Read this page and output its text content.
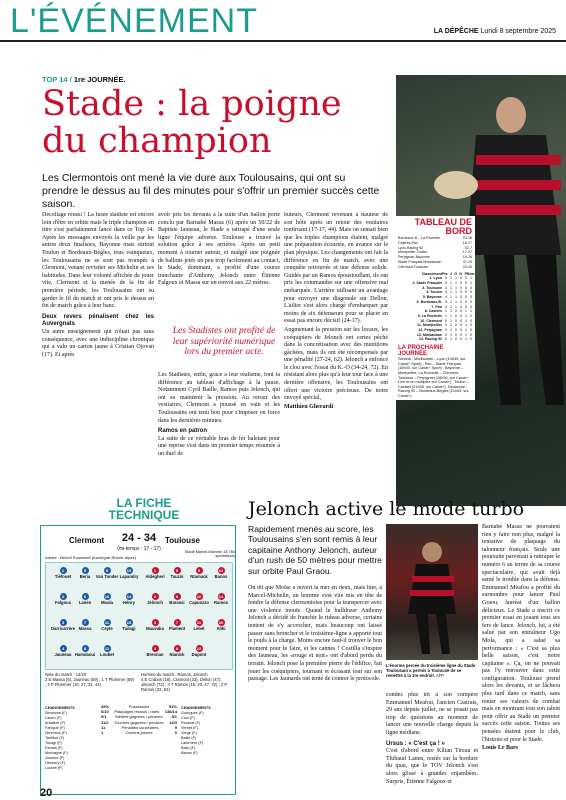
L'ÉVÉNEMENT	LA DÉPÊCHE Lundi 8 septembre 2025
TOP 14 / 1re JOURNÉE.
Stade : la poigne du champion
Les Clermontois ont mené la vie dure aux Toulousains, qui ont su prendre le dessus au fil des minutes pour s'offrir un premier succès cette saison.

Décollage réussi ! La fusée stadiste est encore loin d'être en orbite mais le triple champion en titre s'est parfaitement lancé dans ce Top 14. Après les messages envoyés la veille par les autres deux finalistes, Bayonne mais surtout Toulon et Bordeaux-Bègles, tous vainqueurs, les Toulousains ne se sont pas trompés à Clermont, venant revisiter ses Michelin et ses habitudes. Dans leur volonté affichée de jouer vite, Clermont et la menée de la fin de première période, les Toulousains ont su garder le fil du match et ont pris le dessus en fin de match grâce à leur banc.

Deux revers pénalisent chez les Auvergnats

Un autre enseignement qui n'était pas sans conséquence, avec une indiscipline chronique qui a valu un carton jaune à Cristian Ojovan (17). Et après

avoir pris les devants à la suite d'un ballon porté conclu par Barnabé Massa (6) après un 50/22 de Baptiste Jauneau, le Stade a rattrapé d'une seule ligne l'équipe adverse. Toulouse a trouvé la solution grâce à ses arrières. Après un petit moment à tourner autour, et malgré une poignée de ballons jetés un peu trop facilement au contact, le Stade, dominant, a profité d'une course tranchante d'Anthony Jelonch entre Étienne Falgoux et Massa sur un renvoi aux 22 mètres.

Les Stadistes ont profité de leur supériorité numérique lors du premier acte.

Les Stadistes, enfin, grâce à leur réalisme, font la différence au tableau d'affichage à la pause. Notamment Cyril Baille, Ramos puis Jelonch, qui ont su maintenir la pression. Au retour des vestiaires, Clermont a poussé en vain et les Toulousains ont tenu bon pour s'imposer en force dans les dernières minutes.

Ramos en patron

La suite de ce véritable bras de fer haletant pour une reprise s'est dans un premier temps résumée à un duel de

buteurs, Clermont revenant à hauteur de son hôte après un retour des vestiaires tonitruant (17-17, 44). Mais on sentait bien que les triples champions étaient, malgré une préparation écourtée, en avance sur le plan physique. Les changements ont fait la différence en fin de match, avec une conquête retrouvée et une défense solide. Guidés par un Ramos époustouflant, ils ont pris les commandes sur une offensive mal embarquée. L'arrière utilisant un avantage pour envoyer une diagonale sur Dellon, L'ailier s'est alors chargé d'embarquer par moins de six défenseurs pour se placer en essai pas encore décisif (24-17).

Augmentant la pression sur les locaux, les coéquipiers de Jelonch ont certes péché dans la concrétisation avec des munitions gâchées, mais ils ont été récompensés par une pénalité (27-24, 62). Jelonch a enfoncé le clou avec l'essai du K.-O (34-24, 72). En résistant alors plus qu'à leur tour face à une dernière offensive, les Toulousains ont offert une victoire précieuse. De notre envoyé spécial,

Matthieu Gherardi

TABLEAU DE BORD
Bordeaux-B. - La Rochelle	23-18
Castres-Pau	15-17
Lyon-Racing 92	32-7
Montpellier-Toulon	17-27
Perpignan-Bayonne	19-26
Stade Français-Montauban	47-24
Clermont-Toulouse	24-34
Classement Pts J G N P Bon.
1. Lyon 5 1 1 0 0 1
2. Stade Français 5 1 1 0 0 1
3. Toulouse 4 1 1 0 0 0
4. Toulon 4 1 1 0 0 0
5. Bayonne 4 1 1 0 0 0
6. Bordeaux-B. 4 1 1 0 0 0
7. Pau 4 1 1 0 0 0
8. Castres 1 1 0 0 1 1
9. La Rochelle 1 1 0 0 1 1
10. Clermont 0 1 0 0 1 0
11. Montpellier 0 1 0 0 1 0
12. Perpignan 0 1 0 0 1 0
13. Montauban 0 1 0 0 1 0
14. Racing 92 0 1 0 0 1 0
LA PROCHAINE JOURNÉE
Samedi : Montauban – Lyon (14h30, sur Canal+ Sport) ; Pau – Stade Français (16h30, sur Canal+ Sport) ; Bayonne – Montpellier, La Rochelle – Clermont, Toulouse – Perpignan (16h30, sur Canal+ Live et en multiplex sur Canal+) ; Toulon – Castres (21h05, sur Canal+). Dimanche : Racing 92 – Bordeaux-Bègles (21h05, sur Canal+).
LA FICHE TECHNIQUE
Clermont 24 - 34
(mi-temps : 17 - 17)
Toulouse
Arbitre : Benoît Rousselet (Auvergne-Rhône-Alpes)
Stade Marcel-Michelin 18 784 spectateurs
1
Tiéfouet
2
Falgoux
3
Darricarrère
4
Jauneau
5
Beria
6
Lanen
7
Massa
8
Hamdaoui
9
Van Tonder
10
Moala
11
Ceyte
12
Loubet
13
Lapandry
14
Hénry
15
Tuilagi
1
Aldegheri
2
Jelonch
3
Mauvaka
4
Brennan
5
Tauzin
6
Barassi
7
Flament
8
Nianick
9
Ntamack
10
Capuozzo
11
Lebel
12
Dupont
13
Banos
14
Ramos
15
Ahki
Note du match : 14/20
2 E Massa (6), Jauneau (59) ; 1 T Plummer (59) ; 4 P Plummer (10, 27, 31, 44)
Homme du match : Ramos, Jelonch
4 E Crabos (18), Cramont (23), Dellon (47), Jelonch (72) ; 4 T Ramos (18, 23, 47, 72) ; 2 P Ramos (33, 63)
49%	Possession	51%
6/10 Plaquages réussis / ratés 136/14
9/1 Mêlées gagnées / perdues 8/1
11/2 Touches gagnées / perdues 14/3
11	Pénalités concédées	9
1	Cartons jaunes	0
CHANGEMENTS
Simmons (F)
Lanen (F)
Arbattoir (F)
Fahigue (F)
Simmons (F)
Taofifua (F)
Tuilagi (F)
Ezeala (F)
Montagne (F)
Joueres (F)
Hennery (F)
Loubet (F)
CHANGEMENTS
Gourgues (F)
Cros (F)
Roumat (F)
Vernet (F)
Verge (F)
Baille (F)
Latorrière (F)
Ballo (F)
Banos (F)
Jelonch active le mode turbo
Rapidement menés au score, les Toulousains s'en sont remis à leur capitaine Anthony Jelonch, auteur d'un rush de 50 mètres pour mettre sur orbite Paul Graou.

On dit que Moïse a ouvert la mer en deux, mais hier, à Marcel-Michelin, un homme s'est vite mis en tête de fendre la défense clermontoise pour la transpercer avec une violence inouïe. Quand le bulldozer Anthony Jelonch a décidé de franchir le rideau adverse, certains tentent de s'y accrocher, mais beaucoup ont laissé passer sans broncher et le troisième-ligne a apporté tout le poids à la charge. Moins encore faut-il trouver le bon moment pour le faire, et les cannes ! Costilla s'inspire des Jauneau, les «rouge et noir» ont d'abord perdu du terrain. Jelonch pose la première pierre de l'édifice, fait jouer les coéquipiers, tournant et écrasant tout sur son passage. Les Jaunards ont tenté de contrer le protocole.

L'énorme percée du troisième ligne du Stade Toulousain a permis à Toulouse de se remettre à la 1re endroit. AFP

condes plus tôt à son compère Emmanuel Meafou, l'ancien Castrais, 29 ans depuis juillet, ne se posait pas trop de questions au moment de lancer une nouvelle charge depuis la ligne médiane.

Ursus : « C'est ça ! »

C'est d'abord entre Kilian Tireau et Thibaud Lanen, restés sur la bordure du quai, que le TOV Jelonch s'est alors glissé à grandes enjambées. Surpris, Étienne Falgoux et

Barnabé Massa ne pouvaient rien y faire non plus, malgré la tentative de plaquage du talonneur français. Seule une poursuite parvenait à rattraper le numéro 6 au terme de sa course spectaculaire, qui avait déjà semé le trouble dans la défense. Emmanuel Meafou a profité du surnombre pour lancer Paul Graou, lauréat d'un ballon délicieux. Le Stade a inscrit ce premier essai en jouant tous ses fers de lance. Jelonch, lui, a été salué par son entraîneur Ugo Mola, qui a salué sa performance : « C'est sa plus belle saison, c'est notre capitaine ». Ça, on ne pouvait pas l'y retrouver dans cette configuration. Toulouse prend alors les devants, et se lâchera plus tard dans ce match, sans renier ses valeurs de combat mais en montrant tout son talent pour offrir au Stade un premier succès cette saison. Toutes ses pensées étaient pour le club, l'histoire et pour le Stade.

Louis Le Bars

20
